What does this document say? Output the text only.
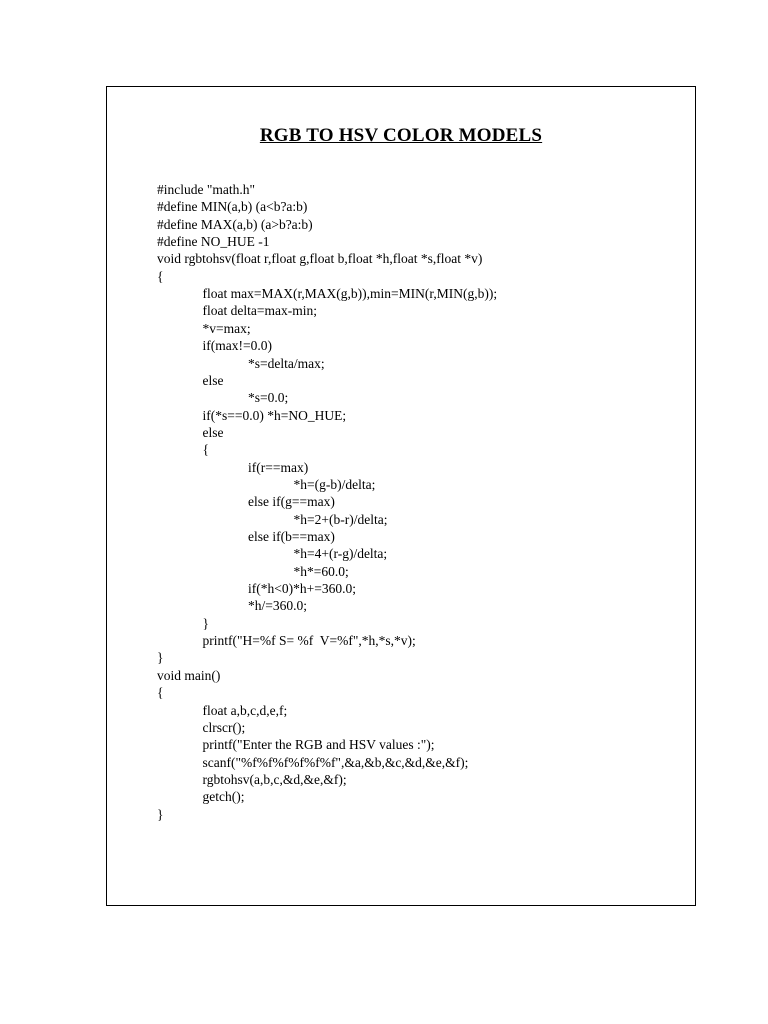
RGB TO HSV COLOR MODELS
#include "math.h"
#define MIN(a,b) (a<b?a:b)
#define MAX(a,b) (a>b?a:b)
#define NO_HUE -1
void rgbtohsv(float r,float g,float b,float *h,float *s,float *v)
{
float max=MAX(r,MAX(g,b)),min=MIN(r,MIN(g,b));
float delta=max-min;
*v=max;
if(max!=0.0)
*s=delta/max;
else
*s=0.0;
if(*s==0.0) *h=NO_HUE;
else
{
if(r==max)
*h=(g-b)/delta;
else if(g==max)
*h=2+(b-r)/delta;
else if(b==max)
*h=4+(r-g)/delta;
*h*=60.0;
if(*h<0)*h+=360.0;
*h/=360.0;
}
printf("H=%f S= %f  V=%f",*h,*s,*v);
}
void main()
{
float a,b,c,d,e,f;
clrscr();
printf("Enter the RGB and HSV values :");
scanf("%f%f%f%f%f%f",&a,&b,&c,&d,&e,&f);
rgbtohsv(a,b,c,&d,&e,&f);
getch();
}
